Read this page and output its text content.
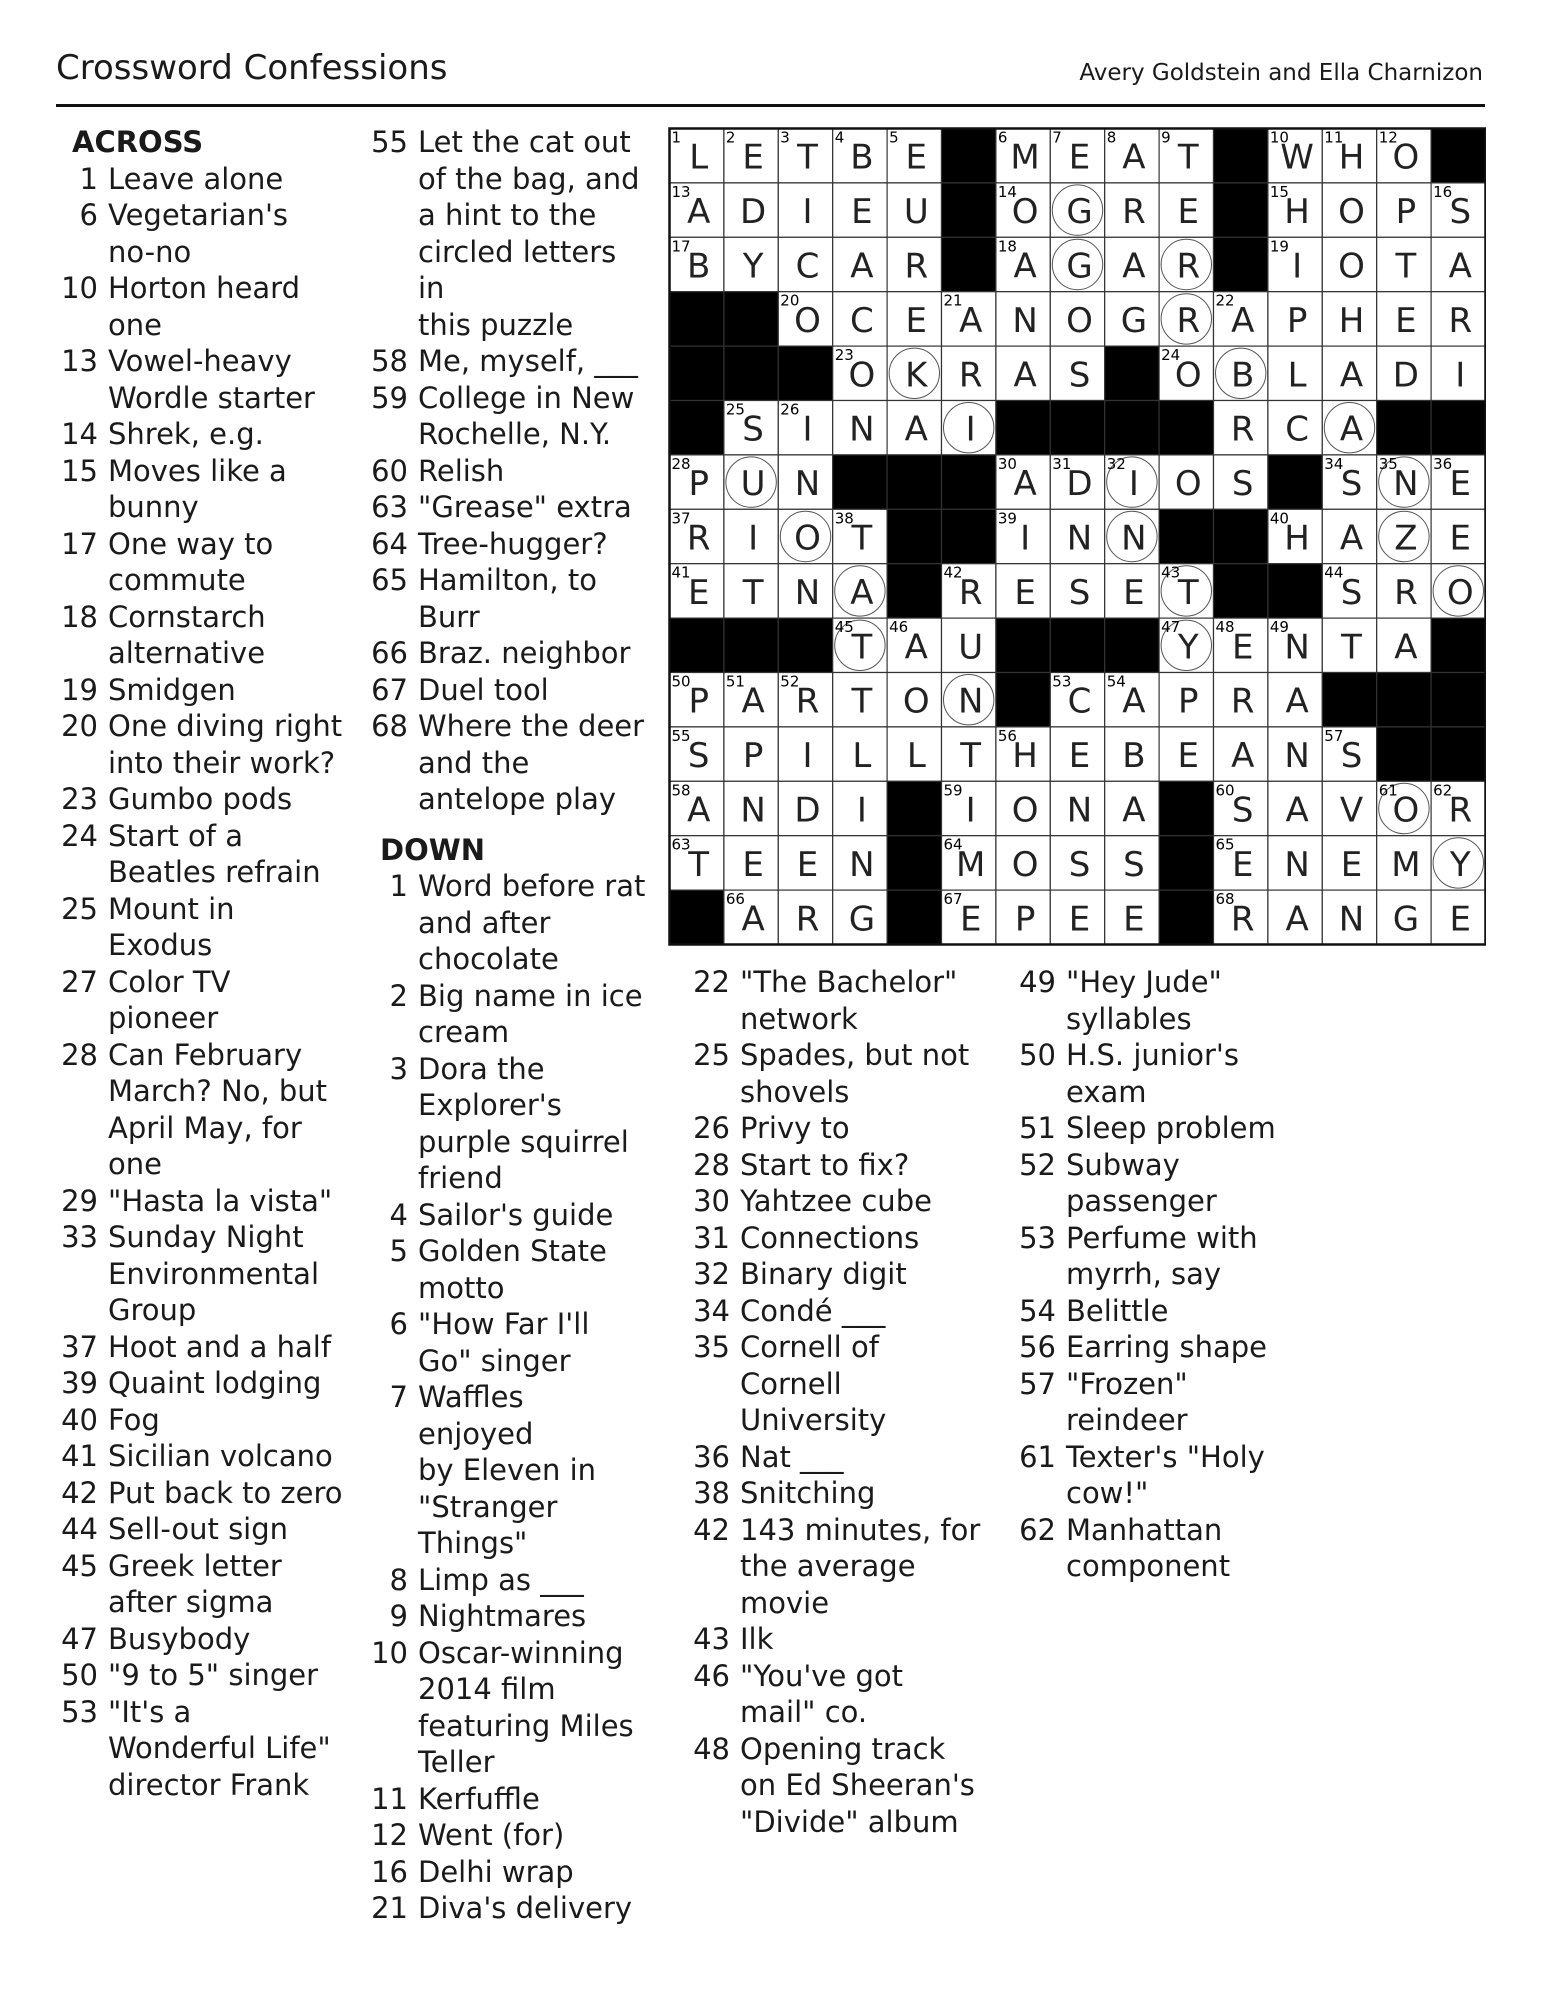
Crossword Confessions	Avery Goldstein and Ella Charnizon
ACROSS
1 Leave alone
6 Vegetarian's
no-no
10 Horton heard
one
13 Vowel-heavy
Wordle starter
14 Shrek, e.g.
15 Moves like a
bunny
17 One way to
commute
18 Cornstarch
alternative
19 Smidgen
20 One diving right
into their work?
23 Gumbo pods
24 Start of a
Beatles refrain
25 Mount in
Exodus
27 Color TV
pioneer
28 Can February
March? No, but
April May, for
one
29 "Hasta la vista"
33 Sunday Night
Environmental
Group
37 Hoot and a half
39 Quaint lodging
40 Fog
41 Sicilian volcano
42 Put back to zero
44 Sell-out sign
45 Greek letter
after sigma
47 Busybody
50 "9 to 5" singer
53 "It's a
Wonderful Life"
director Frank
55 Let the cat out
of the bag, and
a hint to the
circled letters in
this puzzle
58 Me, myself, ___
59 College in New
Rochelle, N.Y.
60 Relish
63 "Grease" extra
64 Tree-hugger?
65 Hamilton, to
Burr
66 Braz. neighbor
67 Duel tool
68 Where the deer
and the
antelope play
DOWN
1 Word before rat
and after
chocolate
2 Big name in ice
cream
3 Dora the
Explorer's
purple squirrel
friend
4 Sailor's guide
5 Golden State
motto
6 "How Far I'll
Go" singer
7 Waffles enjoyed
by Eleven in
"Stranger
Things"
8 Limp as ___
9 Nightmares
10 Oscar-winning
2014 film
featuring Miles
Teller
11 Kerfuffle
12 Went (for)
16 Delhi wrap
21 Diva's delivery
22 "The Bachelor"
network
25 Spades, but not
shovels
26 Privy to
28 Start to fix?
30 Yahtzee cube
31 Connections
32 Binary digit
34 Condé ___
35 Cornell of
Cornell
University
36 Nat ___
38 Snitching
42 143 minutes, for
the average
movie
43 Ilk
46 "You've got
mail" co.
48 Opening track
on Ed Sheeran's
"Divide" album
49 "Hey Jude"
syllables
50 H.S. junior's
exam
51 Sleep problem
52 Subway
passenger
53 Perfume with
myrrh, say
54 Belittle
56 Earring shape
57 "Frozen"
reindeer
61 Texter's "Holy
cow!"
62 Manhattan
component
1
L
2
E
3
T
4
B
5
E
6
M
7
E
8
A
9
T
10
W
11
H
12
O
13
A D I E U
14
O G R E
15
H O P
16
S
17
B Y C A R
18
A G A R
19
I O T A
20
O C E
21
A N O G R
22
A P H E R
23
O K R A S
24
O B L A D I
25
S
26
I N A I	R C A
28
P U N
30
A
31
D
32
I O S
34
S
35
N
36
E
37
R I O
38
T
39
I N N
40
H A Z E
41
E T N A
42
R E S E
43
T
44
S R O
45
T
46
A U
47
Y
48
E
49
N T A
50
P
51
A
52
R T O N
53
C
54
A P R A
55
S P I L L T
56
H E B E A N
57
S
58
A N D I
59
I O N A
60
S A V
61
O
62
R
63
T E E N
64
M O S S
65
E N E M Y
66
A R G
67
E P E E
68
R A N G E
